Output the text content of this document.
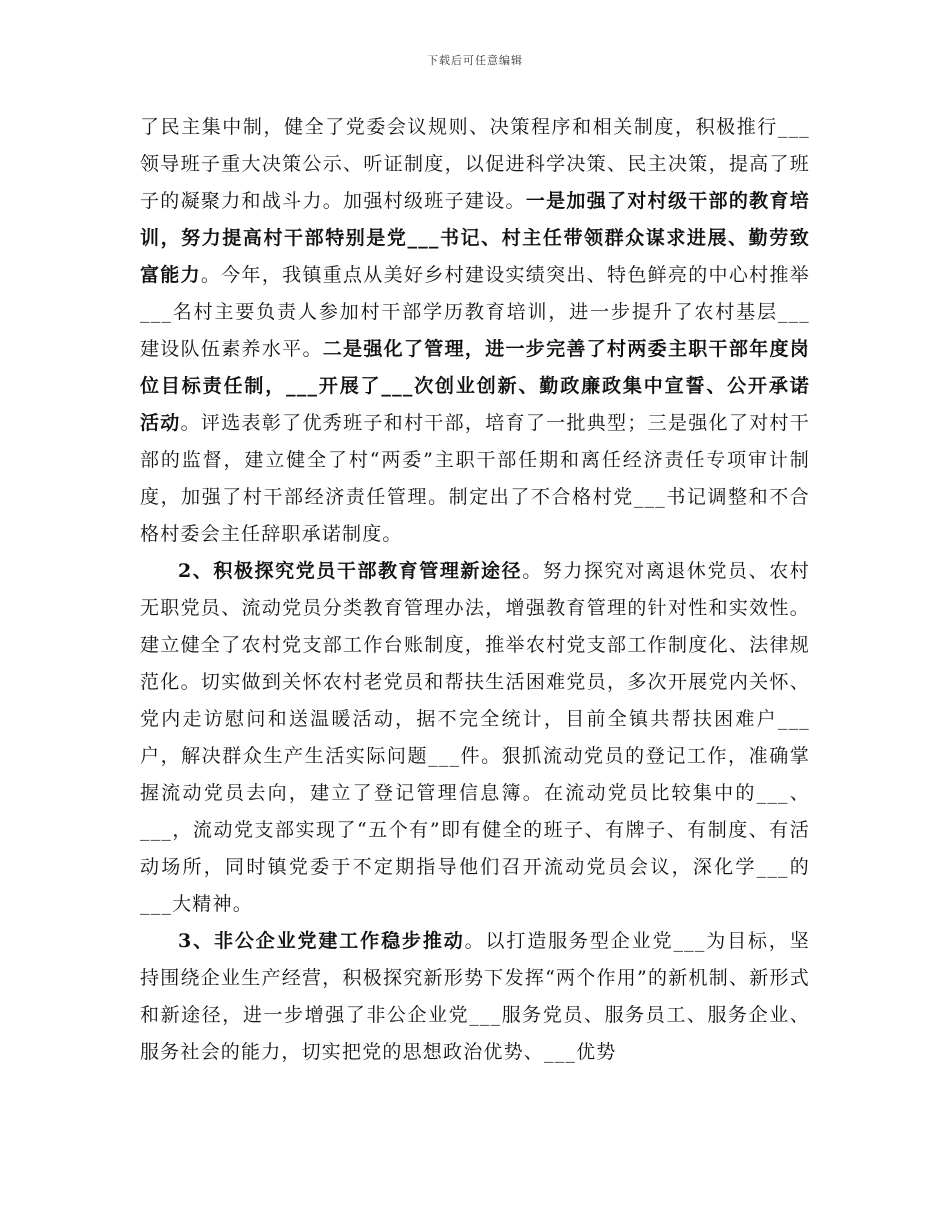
下载后可任意编辑

了民主集中制，健全了党委会议规则、决策程序和相关制度，积极推行___领导班子重大决策公示、听证制度，以促进科学决策、民主决策，提高了班子的凝聚力和战斗力。加强村级班子建设。一是加强了对村级干部的教育培训，努力提高村干部特别是党___书记、村主任带领群众谋求进展、勤劳致富能力。今年，我镇重点从美好乡村建设实绩突出、特色鲜亮的中心村推举___名村主要负责人参加村干部学历教育培训，进一步提升了农村基层___建设队伍素养水平。二是强化了管理，进一步完善了村两委主职干部年度岗位目标责任制，___开展了___次创业创新、勤政廉政集中宣誓、公开承诺活动。评选表彰了优秀班子和村干部，培育了一批典型；三是强化了对村干部的监督，建立健全了村“两委”主职干部任期和离任经济责任专项审计制度，加强了村干部经济责任管理。制定出了不合格村党___书记调整和不合格村委会主任辞职承诺制度。

2、积极探究党员干部教育管理新途径。努力探究对离退休党员、农村无职党员、流动党员分类教育管理办法，增强教育管理的针对性和实效性。建立健全了农村党支部工作台账制度，推举农村党支部工作制度化、法律规范化。切实做到关怀农村老党员和帮扶生活困难党员，多次开展党内关怀、党内走访慰问和送温暖活动，据不完全统计，目前全镇共帮扶困难户___户，解决群众生产生活实际问题___件。狠抓流动党员的登记工作，准确掌握流动党员去向，建立了登记管理信息簿。在流动党员比较集中的___、___，流动党支部实现了“五个有”即有健全的班子、有牌子、有制度、有活动场所，同时镇党委于不定期指导他们召开流动党员会议，深化学___的___大精神。

3、非公企业党建工作稳步推动。以打造服务型企业党___为目标，坚持围绕企业生产经营，积极探究新形势下发挥“两个作用”的新机制、新形式和新途径，进一步增强了非公企业党___服务党员、服务员工、服务企业、服务社会的能力，切实把党的思想政治优势、___优势
